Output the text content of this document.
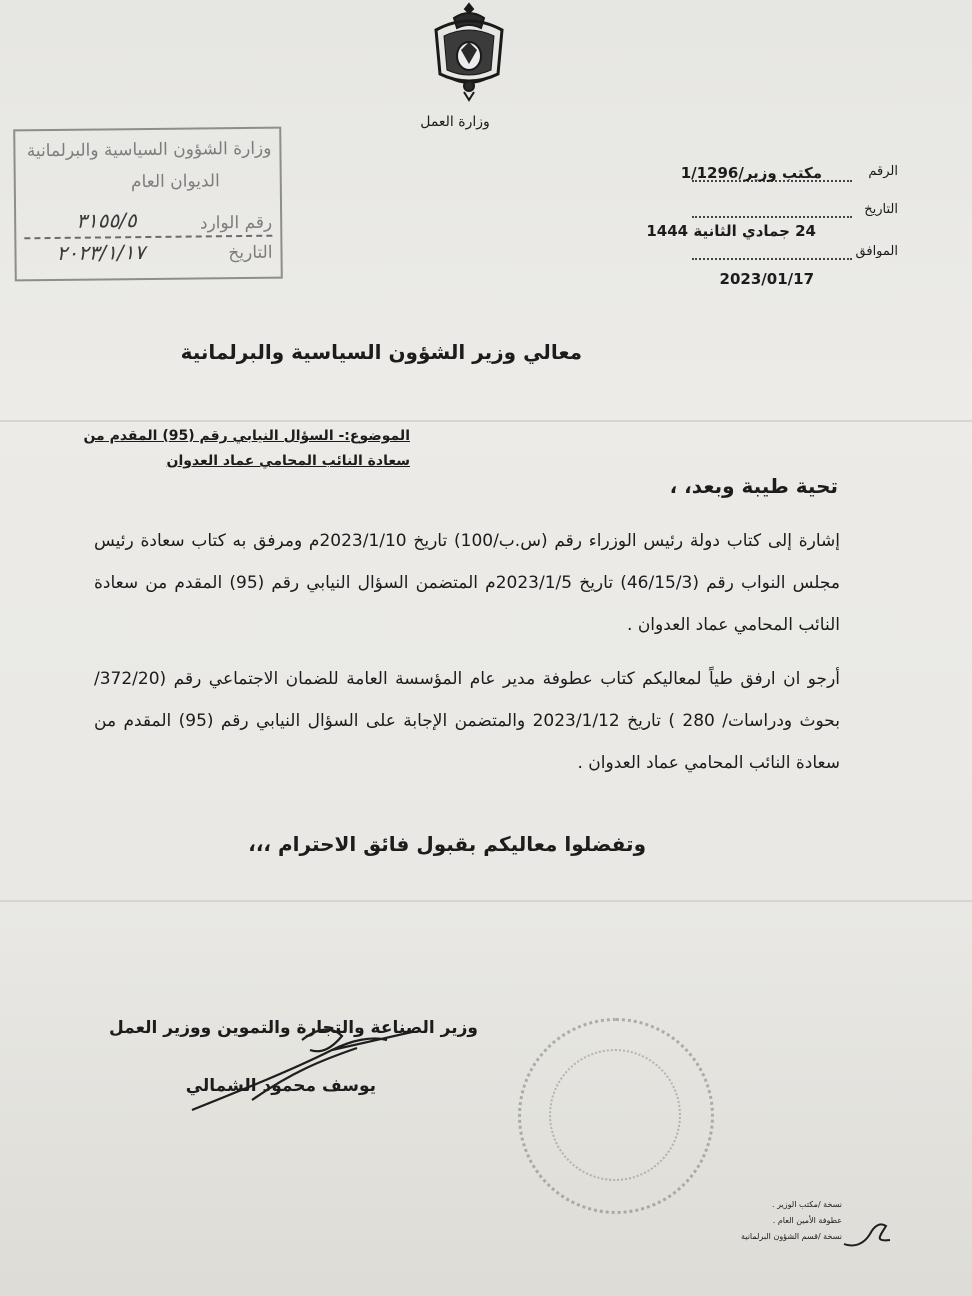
وزارة العمل
وزارة الشؤون السياسية والبرلمانية
الديوان العام
رقم الوارد
٣١٥٥/٥
التاريخ
٢٠٢٣/١/١٧
الرقم
مكتب وزير/1/1296
التاريخ
24 جمادي الثانية 1444
الموافق
2023/01/17
معالي وزير الشؤون السياسية والبرلمانية
الموضوع:- السؤال النيابي رقم (95) المقدم من
سعادة النائب المحامي عماد العدوان
تحية طيبة وبعد، ،
إشارة إلى كتاب دولة رئيس الوزراء رقم (س.ب/100) تاريخ 2023/1/10م ومرفق به كتاب سعادة رئيس مجلس النواب رقم (46/15/3) تاريخ 2023/1/5م المتضمن السؤال النيابي رقم (95) المقدم من سعادة النائب المحامي عماد العدوان .
أرجو ان ارفق طياً لمعاليكم كتاب عطوفة مدير عام المؤسسة العامة للضمان الاجتماعي رقم (372/20/بحوث ودراسات/ 280 ) تاريخ 2023/1/12 والمتضمن الإجابة على السؤال النيابي رقم (95) المقدم من سعادة النائب المحامي عماد العدوان .
وتفضلوا معاليكم بقبول فائق الاحترام ،،،
وزير الصناعة والتجارة والتموين ووزير العمل
يوسف محمود الشمالي
نسخة /مكتب الوزير .
عطوفة الأمين العام .
نسخة /قسم الشؤون البرلمانية
